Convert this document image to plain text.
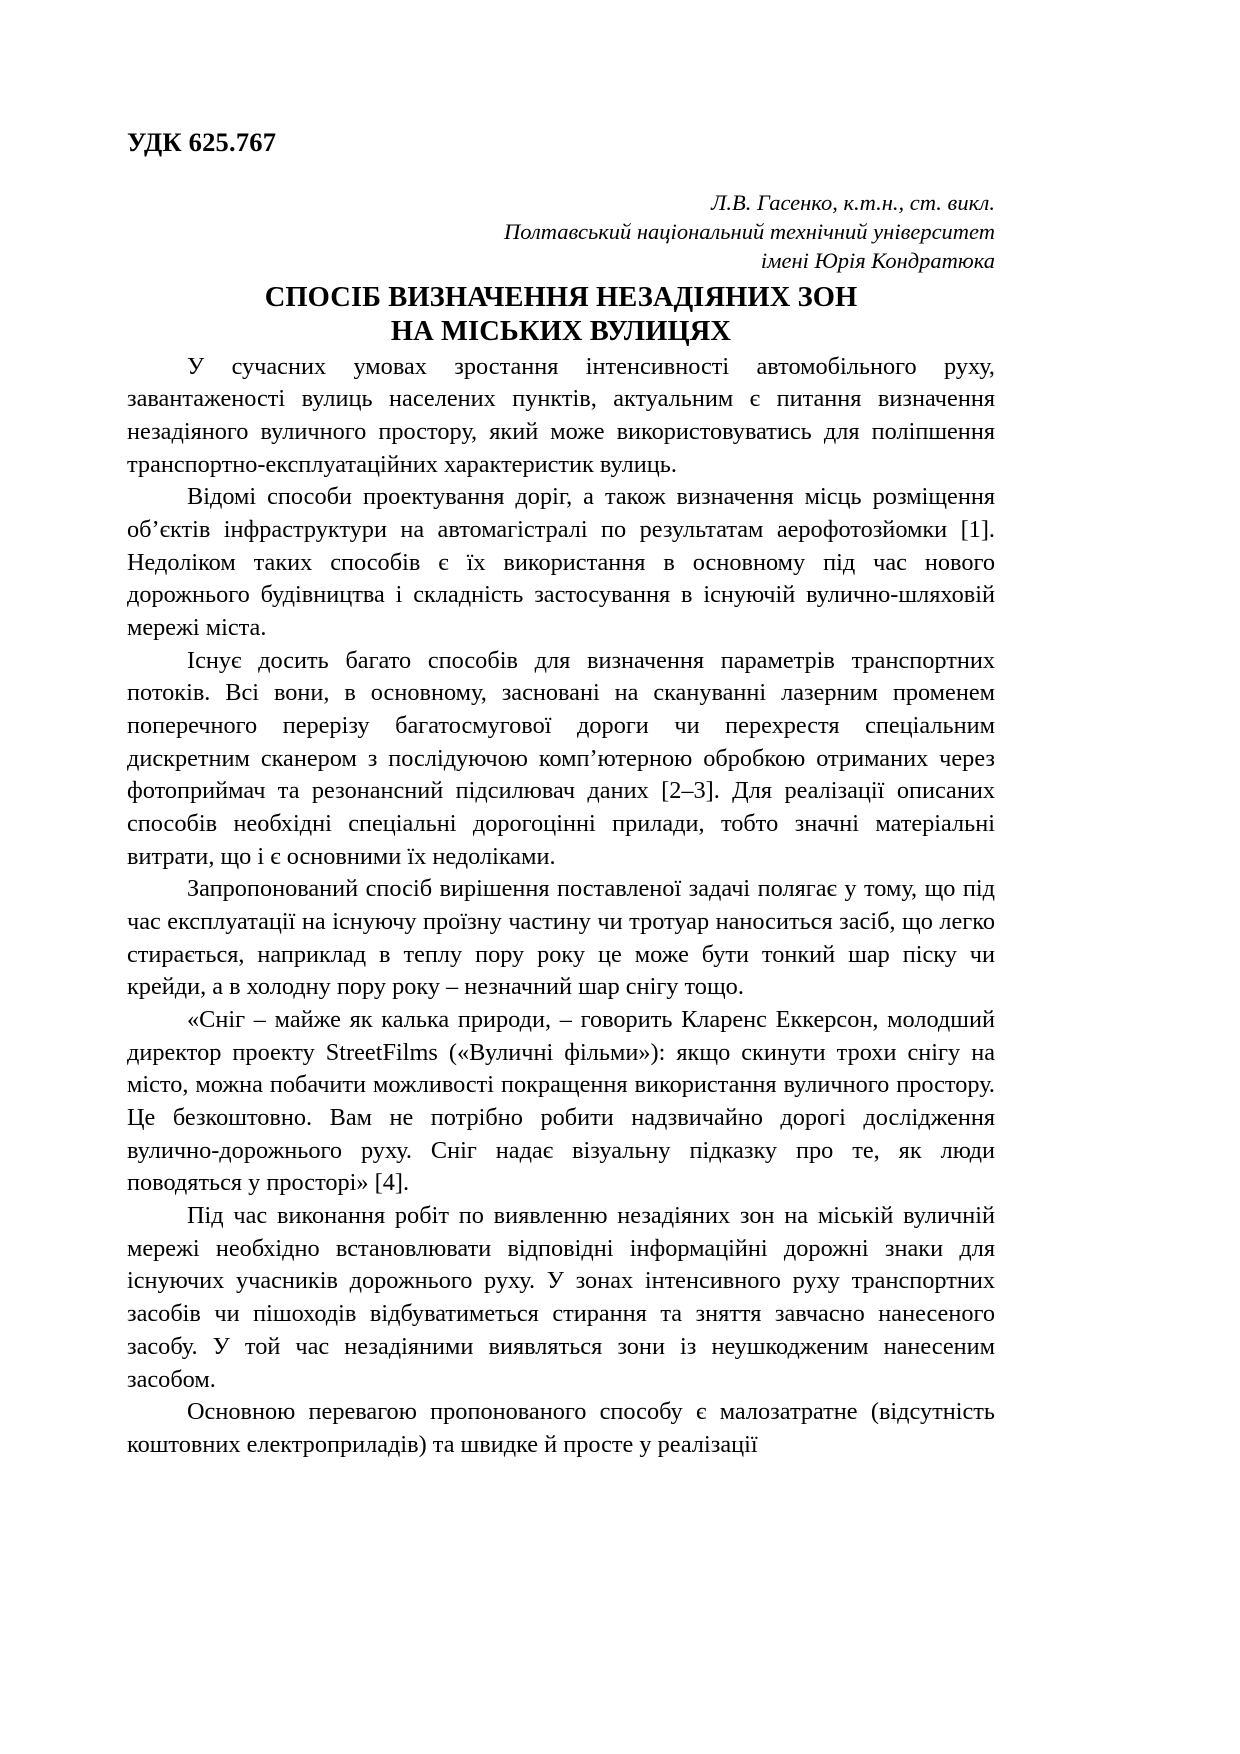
УДК 625.767
Л.В. Гасенко, к.т.н., ст. викл.
Полтавський національний технічний університет
імені Юрія Кондратюка
СПОСІБ ВИЗНАЧЕННЯ НЕЗАДІЯНИХ ЗОН
НА МІСЬКИХ ВУЛИЦЯХ

У сучасних умовах зростання інтенсивності автомобільного руху, завантаженості вулиць населених пунктів, актуальним є питання визначення незадіяного вуличного простору, який може використовуватись для поліпшення транспортно-експлуатаційних характеристик вулиць.

Відомі способи проектування доріг, а також визначення місць розміщення об’єктів інфраструктури на автомагістралі по результатам аерофотозйомки [1]. Недоліком таких способів є їх використання в основному під час нового дорожнього будівництва і складність застосування в існуючій вулично-шляховій мережі міста.

Існує досить багато способів для визначення параметрів транспортних потоків. Всі вони, в основному, засновані на скануванні лазерним променем поперечного перерізу багатосмугової дороги чи перехрестя спеціальним дискретним сканером з послідуючою комп’ютерною обробкою отриманих через фотоприймач та резонансний підсилювач даних [2–3]. Для реалізації описаних способів необхідні спеціальні дорогоцінні прилади, тобто значні матеріальні витрати, що і є основними їх недоліками.

Запропонований спосіб вирішення поставленої задачі полягає у тому, що під час експлуатації на існуючу проїзну частину чи тротуар наноситься засіб, що легко стирається, наприклад в теплу пору року це може бути тонкий шар піску чи крейди, а в холодну пору року – незначний шар снігу тощо.

«Сніг – майже як калька природи, – говорить Кларенс Еккерсон, молодший директор проекту StreetFilms («Вуличні фільми»): якщо скинути трохи снігу на місто, можна побачити можливості покращення використання вуличного простору. Це безкоштовно. Вам не потрібно робити надзвичайно дорогі дослідження вулично-дорожнього руху. Сніг надає візуальну підказку про те, як люди поводяться у просторі» [4].

Під час виконання робіт по виявленню незадіяних зон на міській вуличній мережі необхідно встановлювати відповідні інформаційні дорожні знаки для існуючих учасників дорожнього руху. У зонах інтенсивного руху транспортних засобів чи пішоходів відбуватиметься стирання та зняття завчасно нанесеного засобу. У той час незадіяними виявляться зони із неушкодженим нанесеним засобом.

Основною перевагою пропонованого способу є малозатратне (відсутність коштовних електроприладів) та швидке й просте у реалізації
